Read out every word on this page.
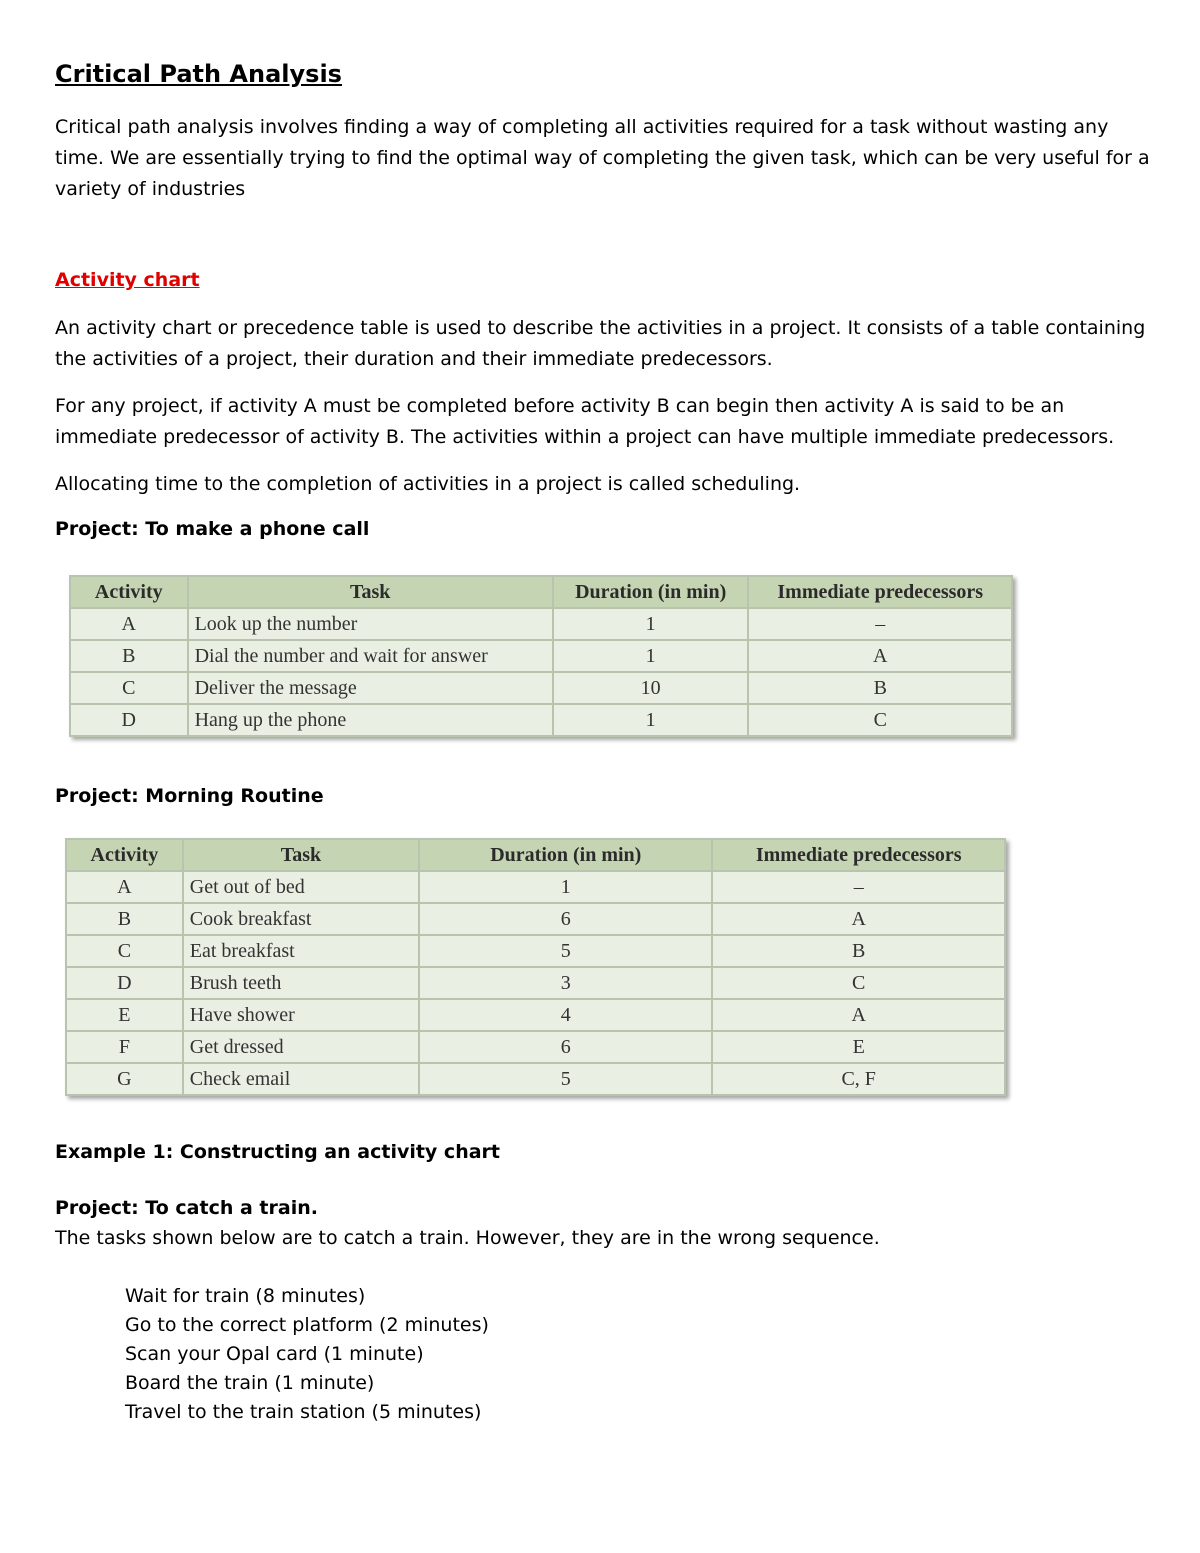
Critical Path Analysis

Critical path analysis involves finding a way of completing all activities required for a task without wasting any time. We are essentially trying to find the optimal way of completing the given task, which can be very useful for a variety of industries

Activity chart

An activity chart or precedence table is used to describe the activities in a project. It consists of a table containing the activities of a project, their duration and their immediate predecessors.

For any project, if activity A must be completed before activity B can begin then activity A is said to be an immediate predecessor of activity B. The activities within a project can have multiple immediate predecessors.

Allocating time to the completion of activities in a project is called scheduling.

Project: To make a phone call
Activity	Task	Duration (in min)	Immediate predecessors
A	Look up the number	1	–
B	Dial the number and wait for answer	1	A
C	Deliver the message	10	B
D	Hang up the phone	1	C
Project: Morning Routine
Activity	Task	Duration (in min)	Immediate predecessors
A	Get out of bed	1	–
B	Cook breakfast	6	A
C	Eat breakfast	5	B
D	Brush teeth	3	C
E	Have shower	4	A
F	Get dressed	6	E
G	Check email	5	C, F
Example 1: Constructing an activity chart
Project: To catch a train.
The tasks shown below are to catch a train. However, they are in the wrong sequence.
Wait for train (8 minutes)
Go to the correct platform (2 minutes)
Scan your Opal card (1 minute)
Board the train (1 minute)
Travel to the train station (5 minutes)
